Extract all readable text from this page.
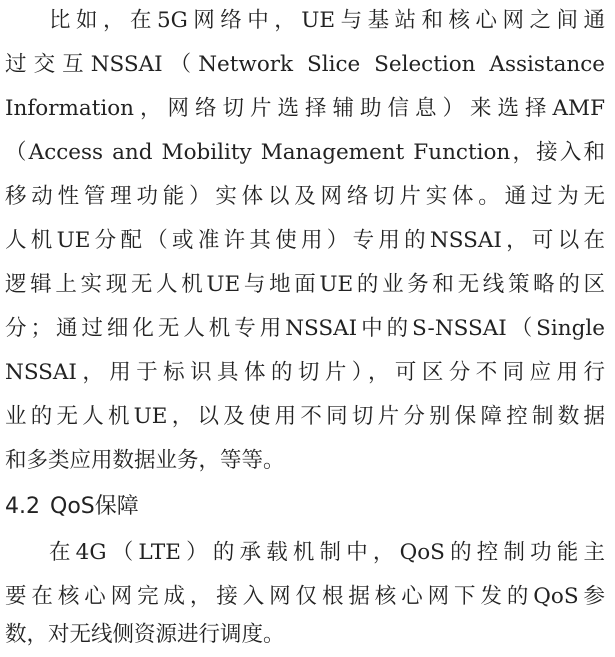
比如，在5G网络中，UE与基站和核心网之间通
过交互NSSAI（Network Slice Selection Assistance
Information，网络切片选择辅助信息）来选择AMF
（Access and Mobility Management Function，接入和
移动性管理功能）实体以及网络切片实体。通过为无
人机UE分配（或准许其使用）专用的NSSAI，可以在
逻辑上实现无人机UE与地面UE的业务和无线策略的区
分；通过细化无人机专用NSSAI中的S-NSSAI（Single
NSSAI，用于标识具体的切片），可区分不同应用行
业的无人机UE，以及使用不同切片分别保障控制数据
和多类应用数据业务，等等。
4.2 QoS保障
在4G（LTE）的承载机制中，QoS的控制功能主
要在核心网完成，接入网仅根据核心网下发的QoS参
数，对无线侧资源进行调度。
